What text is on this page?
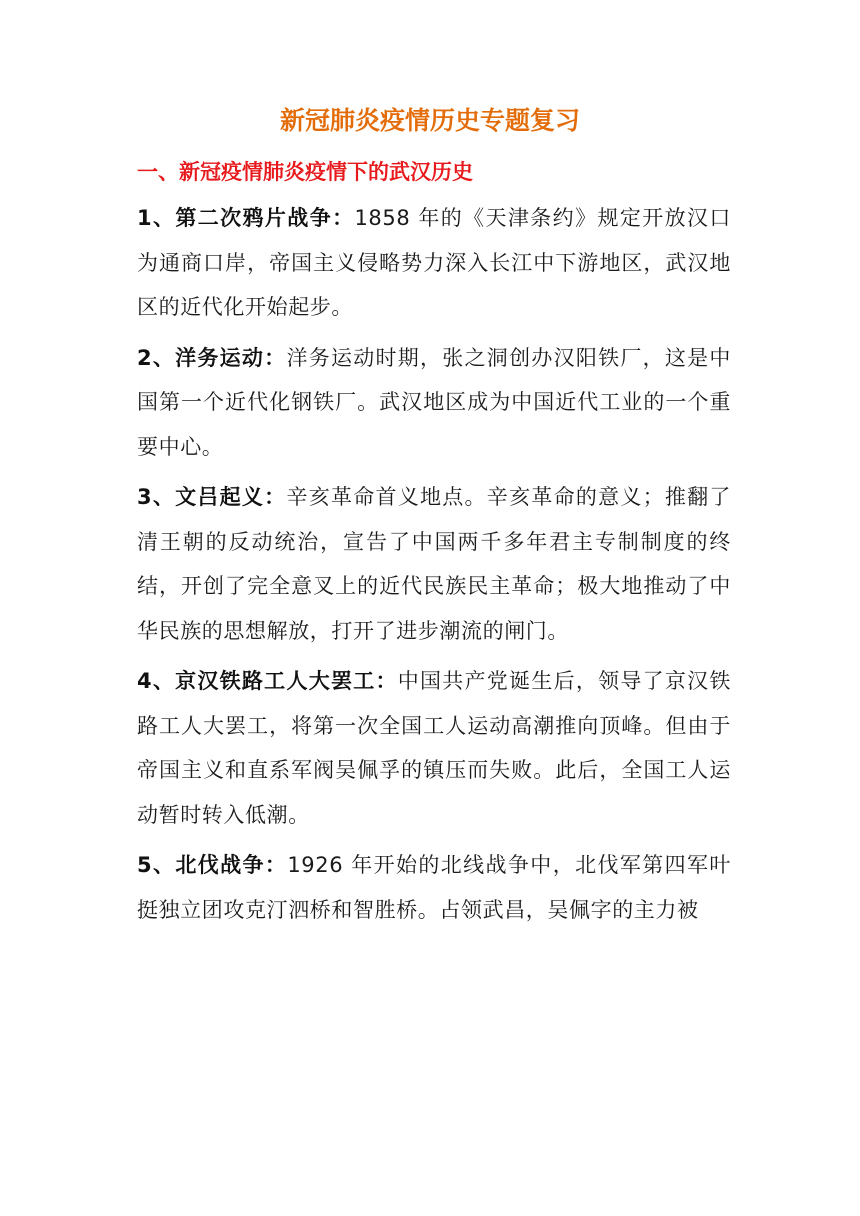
新冠肺炎疫情历史专题复习
一、新冠疫情肺炎疫情下的武汉历史

1、第二次鸦片战争：1858 年的《天津条约》规定开放汉口为通商口岸，帝国主义侵略势力深入长江中下游地区，武汉地区的近代化开始起步。

2、洋务运动：洋务运动时期，张之洞创办汉阳铁厂，这是中国第一个近代化钢铁厂。武汉地区成为中国近代工业的一个重要中心。

3、文吕起义：辛亥革命首义地点。辛亥革命的意义；推翻了清王朝的反动统治，宣告了中国两千多年君主专制制度的终结，开创了完全意叉上的近代民族民主革命；极大地推动了中华民族的思想解放，打开了进步潮流的闸门。

4、京汉铁路工人大罢工：中国共产党诞生后，领导了京汉铁路工人大罢工，将第一次全国工人运动高潮推向顶峰。但由于帝国主义和直系军阀吴佩孚的镇压而失败。此后，全国工人运动暂时转入低潮。

5、北伐战争：1926 年开始的北线战争中，北伐军第四军叶挺独立团攻克汀泗桥和智胜桥。占领武昌，吴佩字的主力被
